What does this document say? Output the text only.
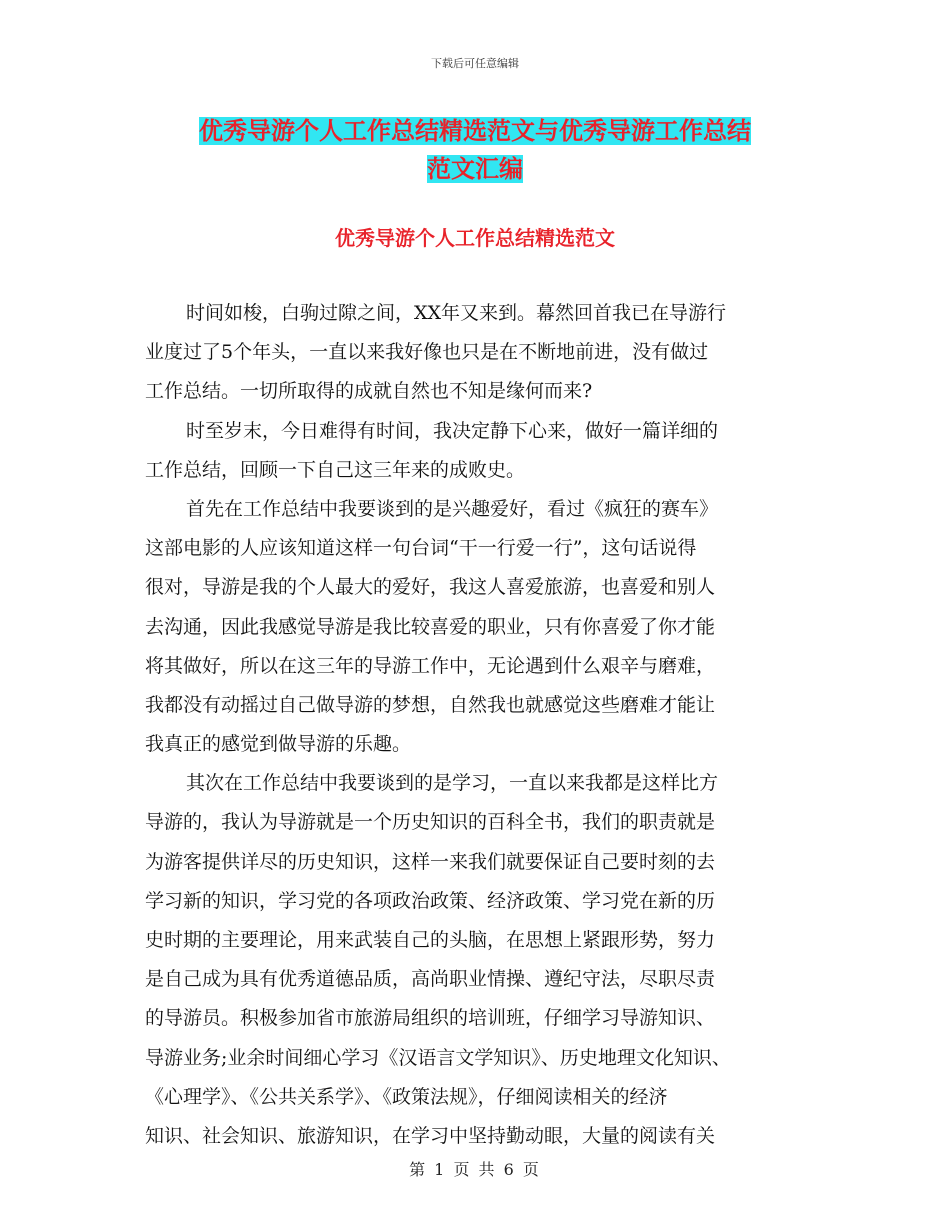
下载后可任意编辑
优秀导游个人工作总结精选范文与优秀导游工作总结
范文汇编
优秀导游个人工作总结精选范文
时间如梭，白驹过隙之间，XX年又来到。幕然回首我已在导游行
业度过了5个年头，一直以来我好像也只是在不断地前进，没有做过
工作总结。一切所取得的成就自然也不知是缘何而来?
时至岁末，今日难得有时间，我决定静下心来，做好一篇详细的
工作总结，回顾一下自己这三年来的成败史。
首先在工作总结中我要谈到的是兴趣爱好，看过《疯狂的赛车》
这部电影的人应该知道这样一句台词“干一行爱一行”，这句话说得
很对，导游是我的个人最大的爱好，我这人喜爱旅游，也喜爱和别人
去沟通，因此我感觉导游是我比较喜爱的职业，只有你喜爱了你才能
将其做好，所以在这三年的导游工作中，无论遇到什么艰辛与磨难，
我都没有动摇过自己做导游的梦想，自然我也就感觉这些磨难才能让
我真正的感觉到做导游的乐趣。
其次在工作总结中我要谈到的是学习，一直以来我都是这样比方
导游的，我认为导游就是一个历史知识的百科全书，我们的职责就是
为游客提供详尽的历史知识，这样一来我们就要保证自己要时刻的去
学习新的知识，学习党的各项政治政策、经济政策、学习党在新的历
史时期的主要理论，用来武装自己的头脑，在思想上紧跟形势，努力
是自己成为具有优秀道德品质，高尚职业情操、遵纪守法，尽职尽责
的导游员。积极参加省市旅游局组织的培训班，仔细学习导游知识、
导游业务;业余时间细心学习《汉语言文学知识》、历史地理文化知识、
《心理学》、《公共关系学》、《政策法规》，仔细阅读相关的经济
知识、社会知识、旅游知识，在学习中坚持勤动眼，大量的阅读有关
第 1 页 共 6 页
